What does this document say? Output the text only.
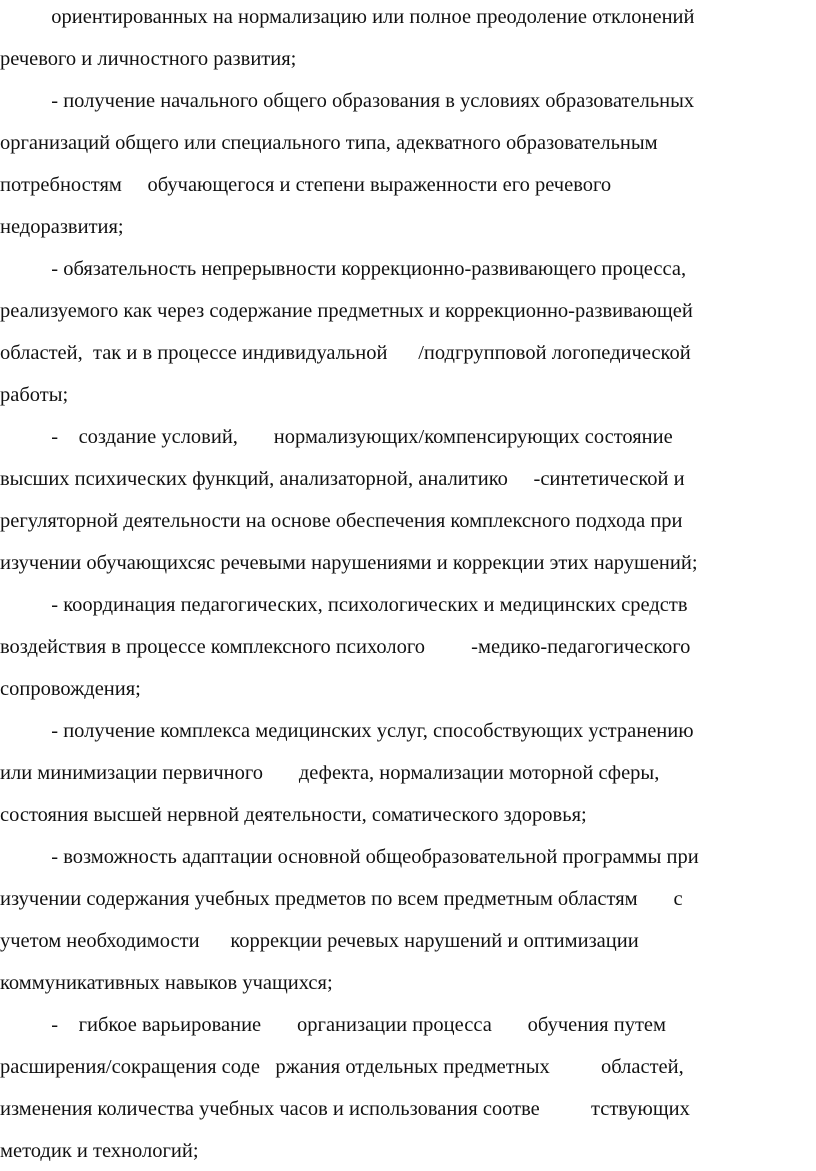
ориентированных на нормализацию или полное преодоление отклонений
речевого и личностного развития;
- получение начального общего образования в условиях образовательных
организаций общего или специального типа, адекватного образовательным
потребностям     обучающегося и степени выраженности его речевого
недоразвития;
- обязательность непрерывности коррекционно-развивающего процесса,
реализуемого как через содержание предметных и коррекционно-развивающей
областей,  так и в процессе индивидуальной      /подгрупповой логопедической
работы;
-    создание условий,       нормализующих/компенсирующих состояние
высших психических функций, анализаторной, аналитико     -синтетической и
регуляторной деятельности на основе обеспечения комплексного подхода при
изучении обучающихсяс речевыми нарушениями и коррекции этих нарушений;
- координация педагогических, психологических и медицинских средств
воздействия в процессе комплексного психолого         -медико-педагогического
сопровождения;
- получение комплекса медицинских услуг, способствующих устранению
или минимизации первичного       дефекта, нормализации моторной сферы,
состояния высшей нервной деятельности, соматического здоровья;
- возможность адаптации основной общеобразовательной программы при
изучении содержания учебных предметов по всем предметным областям       с
учетом необходимости      коррекции речевых нарушений и оптимизации
коммуникативных навыков учащихся;
-    гибкое варьирование       организации процесса       обучения путем
расширения/сокращения соде   ржания отдельных предметных          областей,
изменения количества учебных часов и использования соотве          тствующих
методик и технологий;
